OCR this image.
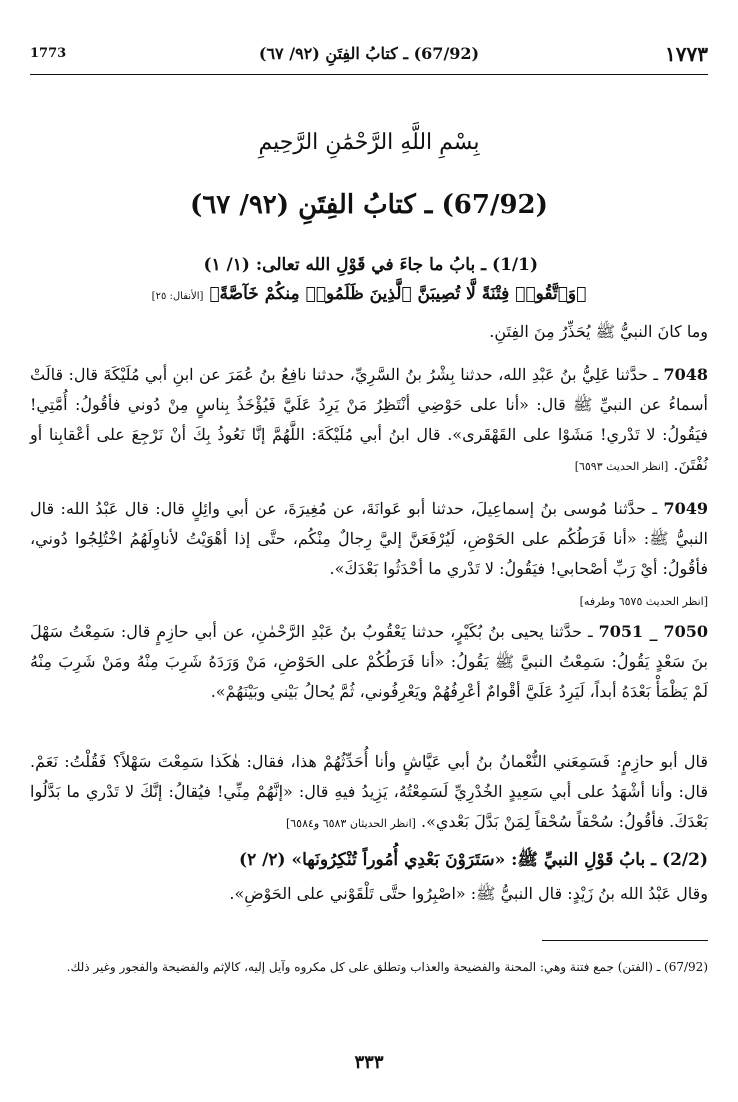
1773	(67/92) ـ كتابُ الفِتَنِ (٩٢/ ٦٧)	١٧٧٣
بِسْمِ اللَّهِ الرَّحْمَٰنِ الرَّحِيمِ
(67/92) ـ كتابُ الفِتَنِ (٩٢/ ٦٧)
(1/1) ـ بابُ ما جاءَ في قَوْلِ الله تعالى: (١/ ١)
﴿وَٱتَّقُوا۟ فِتْنَةً لَّا تُصِيبَنَّ ٱلَّذِينَ ظَلَمُوا۟ مِنكُمْ خَآصَّةً﴾ [الأنفال: ٢٥]
وما كانَ النبيُّ ﷺ يُحَذِّرُ مِنَ الفِتَنِ.
7048 ـ حدَّثنا عَلِيُّ بنُ عَبْدِ الله، حدثنا بِشْرُ بنُ السَّرِيِّ، حدثنا نافِعُ بنُ عُمَرَ عن ابنِ أبي مُلَيْكَةَ قال: قالَتْ أسماءُ عن النبيِّ ﷺ قال: «أنا على حَوْضِي أنْتَظِرُ مَنْ يَرِدُ عَلَيَّ فَيُؤْخَذُ بِناسٍ مِنْ دُوني فأقُولُ: أُمَّتِي! فيَقُولُ: لا تَدْري! مَشَوْا على القَهْقَرى». قال ابنُ أبي مُلَيْكَةَ: اللَّهُمَّ إنَّا نَعُوذُ بِكَ أنْ نَرْجِعَ على أعْقابِنا أو نُفْتَنَ. [انظر الحديث ٦٥٩٣]
7049 ـ حدَّثنا مُوسى بنُ إسماعِيلَ، حدثنا أبو عَوانَةَ، عن مُغِيرَةَ، عن أبي وائِلٍ قال: قال عَبْدُ الله: قال النبيُّ ﷺ: «أنا فَرَطُكُم على الحَوْضِ، لَيُرْفَعَنَّ إليَّ رِجالٌ مِنْكُم، حتَّى إذا أهْوَيْتُ لأناوِلَهُمُ اخْتُلِجُوا دُوني، فأقُولُ: أيْ رَبِّ أصْحابي! فيَقُولُ: لا تَدْري ما أحْدَثُوا بَعْدَكَ».
[انظر الحديث ٦٥٧٥ وطرفه]
7050 _ 7051 ـ حدَّثنا يحيى بنُ بُكَيْرٍ، حدثنا يَعْقُوبُ بنُ عَبْدِ الرَّحْمٰنِ، عن أبي حازِمٍ قال: سَمِعْتُ سَهْلَ بنَ سَعْدٍ يَقُولُ: سَمِعْتُ النبيَّ ﷺ يَقُولُ: «أنا فَرَطُكُمْ على الحَوْضِ، مَنْ وَرَدَهُ شَرِبَ مِنْهُ ومَنْ شَرِبَ مِنْهُ لَمْ يَظْمَأْ بَعْدَهُ أبداً، لَيَرِدُ عَلَيَّ أقْوامٌ أعْرِفُهُمْ ويَعْرِفُوني، ثُمَّ يُحالُ بَيْني وبَيْنَهُمْ».
قال أبو حازِمٍ: فَسَمِعَني النُّعْمانُ بنُ أبي عَيَّاشٍ وأنا أُحَدِّثُهُمْ هذا، فقال: هٰكَذا سَمِعْتَ سَهْلاً؟ فَقُلْتُ: نَعَمْ. قال: وأنا أشْهَدُ على أبي سَعِيدٍ الخُدْرِيِّ لَسَمِعْتُهُ، يَزِيدُ فيهِ قال: «إنَّهُمْ مِنِّي! فيُقالُ: إنَّكَ لا تَدْري ما بَدَّلُوا بَعْدَكَ. فأقُولُ: سُحْقاً سُحْقاً لِمَنْ بَدَّلَ بَعْدي». [انظر الحديثان ٦٥٨٣ و٦٥٨٤]
(2/2) ـ بابُ قَوْلِ النبيِّ ﷺ: «سَتَرَوْنَ بَعْدِي أُمُوراً تُنْكِرُونَها» (٢/ ٢)
وقال عَبْدُ الله بنُ زَيْدٍ: قال النبيُّ ﷺ: «اصْبِرُوا حتَّى تَلْقَوْني على الحَوْضِ».
(67/92) ـ (الفتن) جمع فتنة وهي: المحنة والفضيحة والعذاب وتطلق على كل مكروه وآيل إليه، كالإثم والفضيحة والفجور وغير ذلك.
٣٣٣
